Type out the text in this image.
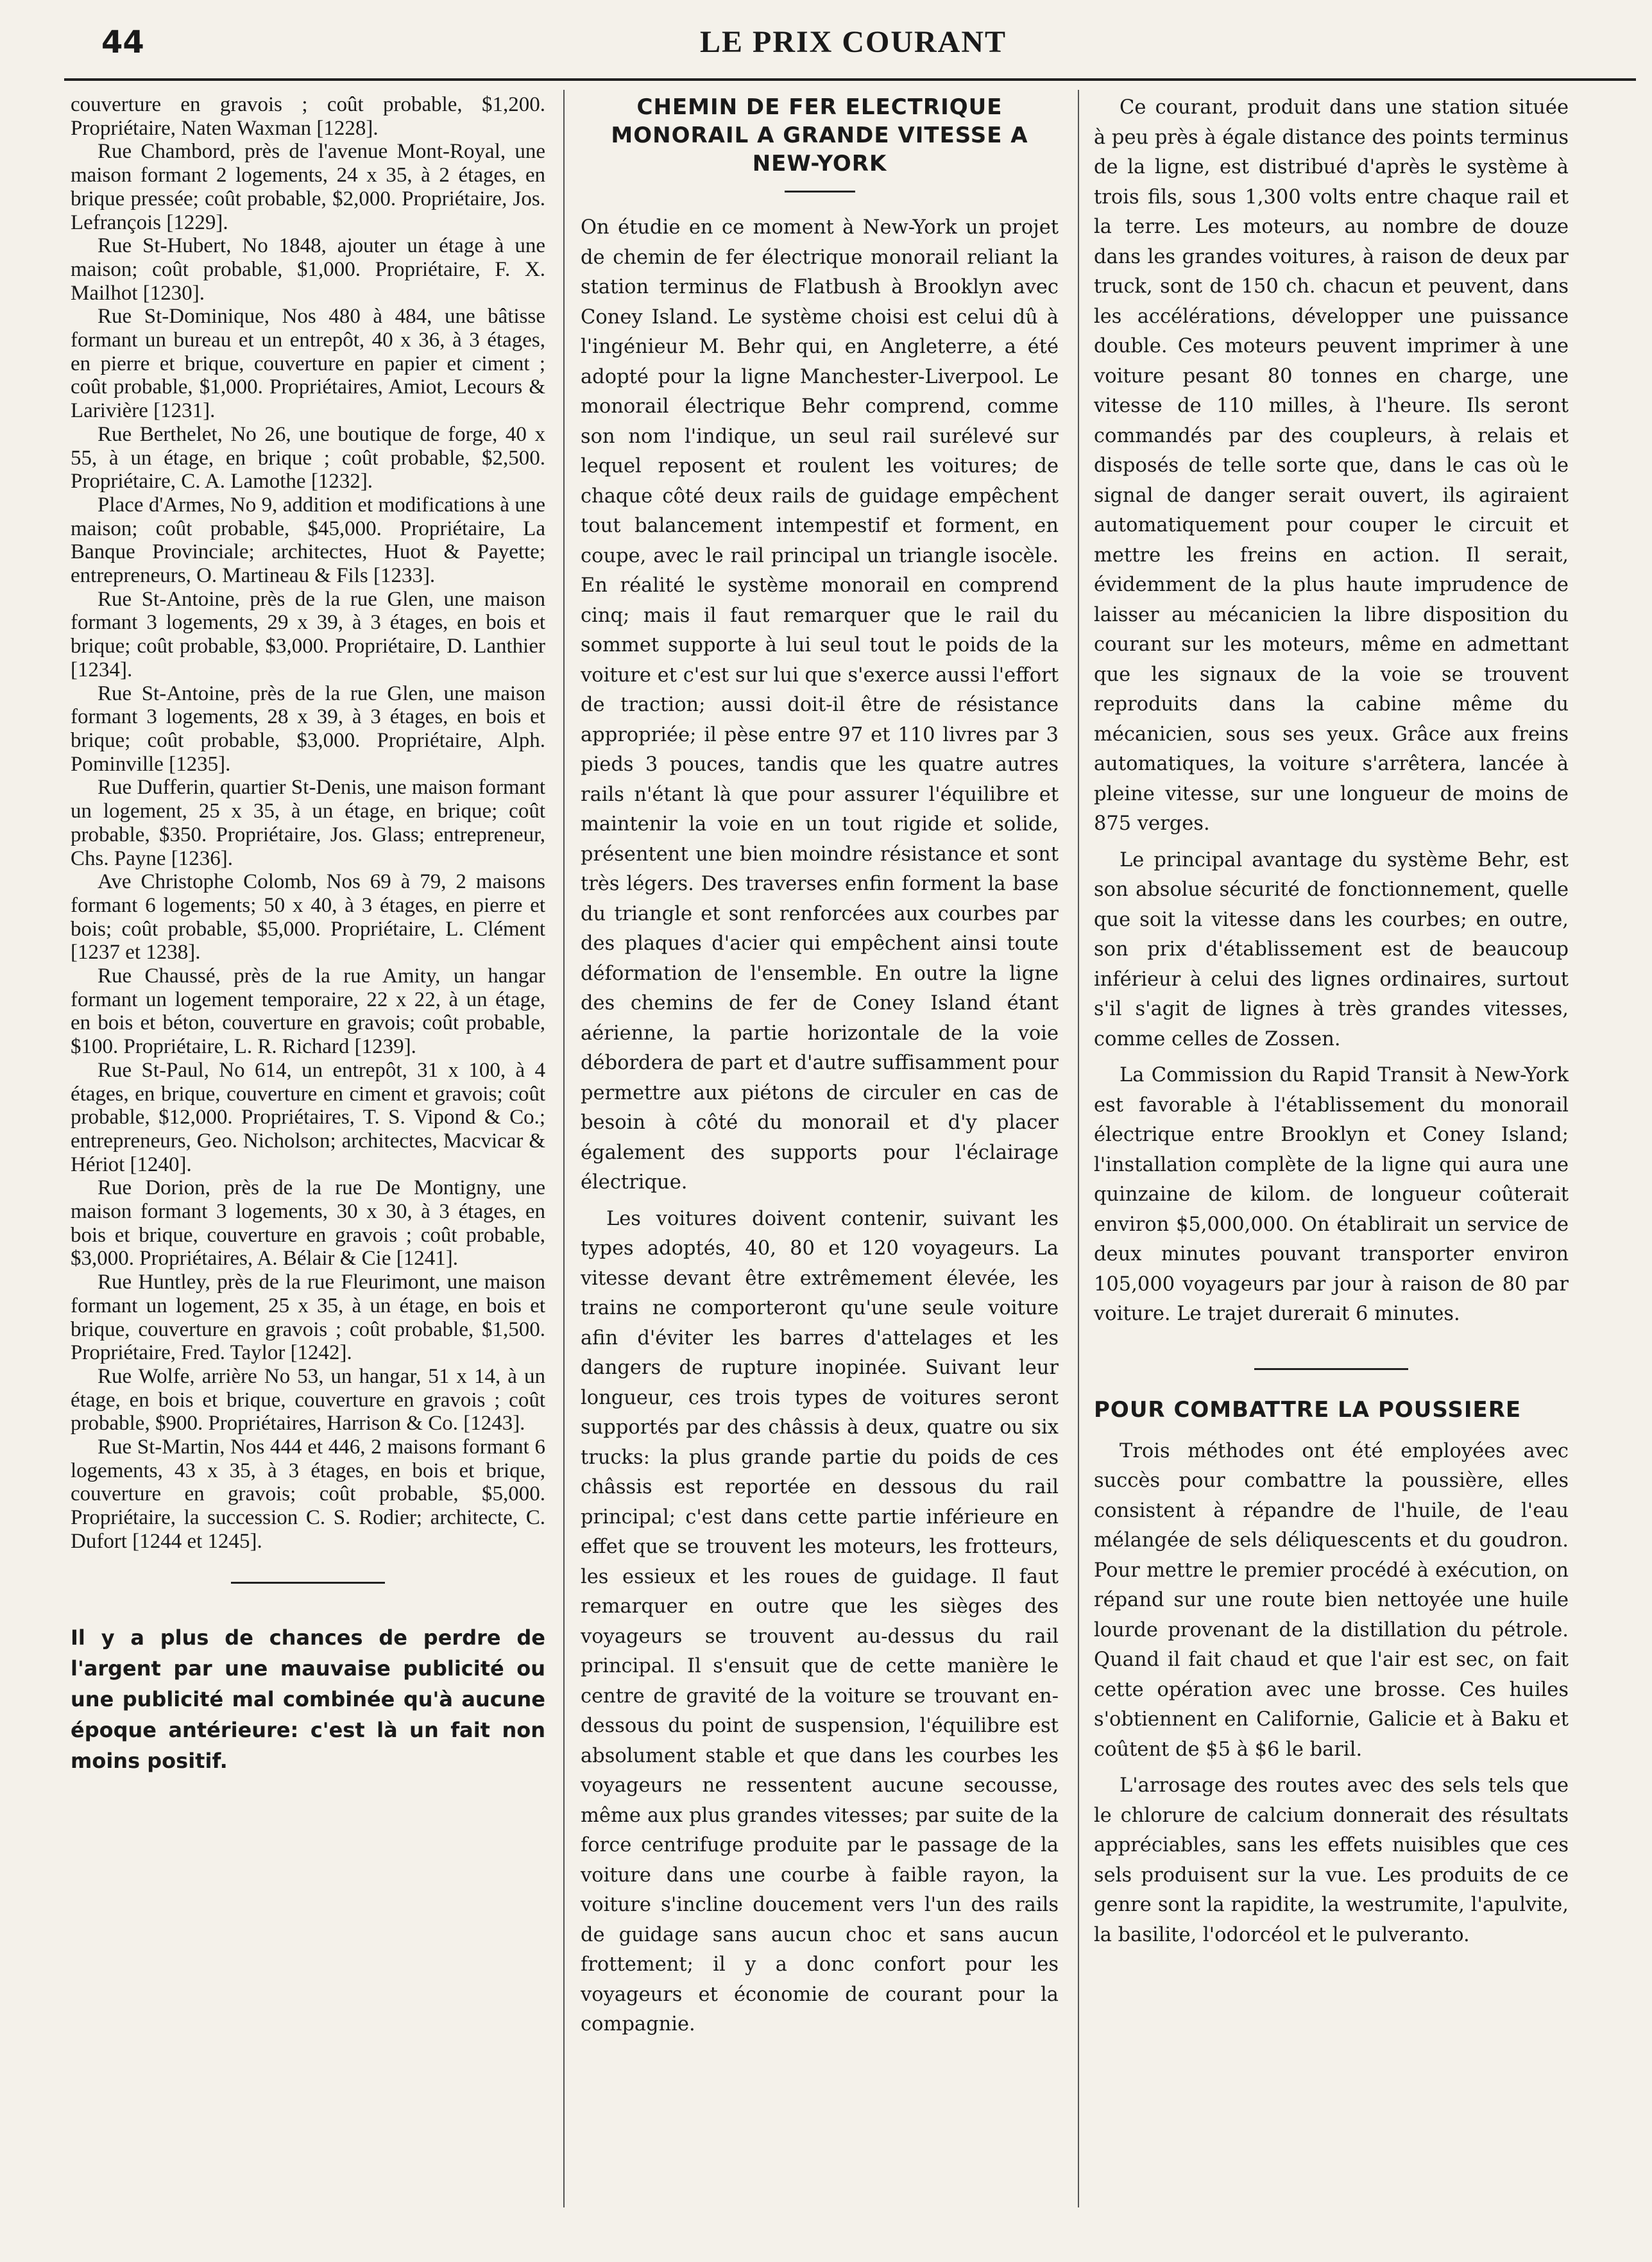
44	LE PRIX COURANT

couverture en gravois ; coût probable, $1,200. Propriétaire, Naten Waxman [1228].

Rue Chambord, près de l'avenue Mont-Royal, une maison formant 2 logements, 24 x 35, à 2 étages, en brique pressée; coût probable, $2,000. Propriétaire, Jos. Lefrançois [1229].

Rue St-Hubert, No 1848, ajouter un étage à une maison; coût probable, $1,000. Propriétaire, F. X. Mailhot [1230].

Rue St-Dominique, Nos 480 à 484, une bâtisse formant un bureau et un entrepôt, 40 x 36, à 3 étages, en pierre et brique, couverture en papier et ciment ; coût probable, $1,000. Propriétaires, Amiot, Lecours & Larivière [1231].

Rue Berthelet, No 26, une boutique de forge, 40 x 55, à un étage, en brique ; coût probable, $2,500. Propriétaire, C. A. Lamothe [1232].

Place d'Armes, No 9, addition et modifications à une maison; coût probable, $45,000. Propriétaire, La Banque Provinciale; architectes, Huot & Payette; entrepreneurs, O. Martineau & Fils [1233].

Rue St-Antoine, près de la rue Glen, une maison formant 3 logements, 29 x 39, à 3 étages, en bois et brique; coût probable, $3,000. Propriétaire, D. Lanthier [1234].

Rue St-Antoine, près de la rue Glen, une maison formant 3 logements, 28 x 39, à 3 étages, en bois et brique; coût probable, $3,000. Propriétaire, Alph. Pominville [1235].

Rue Dufferin, quartier St-Denis, une maison formant un logement, 25 x 35, à un étage, en brique; coût probable, $350. Propriétaire, Jos. Glass; entrepreneur, Chs. Payne [1236].

Ave Christophe Colomb, Nos 69 à 79, 2 maisons formant 6 logements; 50 x 40, à 3 étages, en pierre et bois; coût probable, $5,000. Propriétaire, L. Clément [1237 et 1238].

Rue Chaussé, près de la rue Amity, un hangar formant un logement temporaire, 22 x 22, à un étage, en bois et béton, couverture en gravois; coût probable, $100. Propriétaire, L. R. Richard [1239].

Rue St-Paul, No 614, un entrepôt, 31 x 100, à 4 étages, en brique, couverture en ciment et gravois; coût probable, $12,000. Propriétaires, T. S. Vipond & Co.; entrepreneurs, Geo. Nicholson; architectes, Macvicar & Hériot [1240].

Rue Dorion, près de la rue De Montigny, une maison formant 3 logements, 30 x 30, à 3 étages, en bois et brique, couverture en gravois ; coût probable, $3,000. Propriétaires, A. Bélair & Cie [1241].

Rue Huntley, près de la rue Fleurimont, une maison formant un logement, 25 x 35, à un étage, en bois et brique, couverture en gravois ; coût probable, $1,500. Propriétaire, Fred. Taylor [1242].

Rue Wolfe, arrière No 53, un hangar, 51 x 14, à un étage, en bois et brique, couverture en gravois ; coût probable, $900. Propriétaires, Harrison & Co. [1243].

Rue St-Martin, Nos 444 et 446, 2 maisons formant 6 logements, 43 x 35, à 3 étages, en bois et brique, couverture en gravois; coût probable, $5,000. Propriétaire, la succession C. S. Rodier; architecte, C. Dufort [1244 et 1245].

Il y a plus de chances de perdre de l'argent par une mauvaise publicité ou une publicité mal combinée qu'à aucune époque antérieure: c'est là un fait non moins positif.

CHEMIN DE FER ELECTRIQUE MONORAIL A GRANDE VITESSE A NEW-YORK

On étudie en ce moment à New-York un projet de chemin de fer électrique monorail reliant la station terminus de Flatbush à Brooklyn avec Coney Island. Le système choisi est celui dû à l'ingénieur M. Behr qui, en Angleterre, a été adopté pour la ligne Manchester-Liverpool. Le monorail électrique Behr comprend, comme son nom l'indique, un seul rail surélevé sur lequel reposent et roulent les voitures; de chaque côté deux rails de guidage empêchent tout balancement intempestif et forment, en coupe, avec le rail principal un triangle isocèle. En réalité le système monorail en comprend cinq; mais il faut remarquer que le rail du sommet supporte à lui seul tout le poids de la voiture et c'est sur lui que s'exerce aussi l'effort de traction; aussi doit-il être de résistance appropriée; il pèse entre 97 et 110 livres par 3 pieds 3 pouces, tandis que les quatre autres rails n'étant là que pour assurer l'équilibre et maintenir la voie en un tout rigide et solide, présentent une bien moindre résistance et sont très légers. Des traverses enfin forment la base du triangle et sont renforcées aux courbes par des plaques d'acier qui empêchent ainsi toute déformation de l'ensemble. En outre la ligne des chemins de fer de Coney Island étant aérienne, la partie horizontale de la voie débordera de part et d'autre suffisamment pour permettre aux piétons de circuler en cas de besoin à côté du monorail et d'y placer également des supports pour l'éclairage électrique.

Les voitures doivent contenir, suivant les types adoptés, 40, 80 et 120 voyageurs. La vitesse devant être extrêmement élevée, les trains ne comporteront qu'une seule voiture afin d'éviter les barres d'attelages et les dangers de rupture inopinée. Suivant leur longueur, ces trois types de voitures seront supportés par des châssis à deux, quatre ou six trucks: la plus grande partie du poids de ces châssis est reportée en dessous du rail principal; c'est dans cette partie inférieure en effet que se trouvent les moteurs, les frotteurs, les essieux et les roues de guidage. Il faut remarquer en outre que les sièges des voyageurs se trouvent au-dessus du rail principal. Il s'ensuit que de cette manière le centre de gravité de la voiture se trouvant en-dessous du point de suspension, l'équilibre est absolument stable et que dans les courbes les voyageurs ne ressentent aucune secousse, même aux plus grandes vitesses; par suite de la force centrifuge produite par le passage de la voiture dans une courbe à faible rayon, la voiture s'incline doucement vers l'un des rails de guidage sans aucun choc et sans aucun frottement; il y a donc confort pour les voyageurs et économie de courant pour la compagnie.

Ce courant, produit dans une station située à peu près à égale distance des points terminus de la ligne, est distribué d'après le système à trois fils, sous 1,300 volts entre chaque rail et la terre. Les moteurs, au nombre de douze dans les grandes voitures, à raison de deux par truck, sont de 150 ch. chacun et peuvent, dans les accélérations, développer une puissance double. Ces moteurs peuvent imprimer à une voiture pesant 80 tonnes en charge, une vitesse de 110 milles, à l'heure. Ils seront commandés par des coupleurs, à relais et disposés de telle sorte que, dans le cas où le signal de danger serait ouvert, ils agiraient automatiquement pour couper le circuit et mettre les freins en action. Il serait, évidemment de la plus haute imprudence de laisser au mécanicien la libre disposition du courant sur les moteurs, même en admettant que les signaux de la voie se trouvent reproduits dans la cabine même du mécanicien, sous ses yeux. Grâce aux freins automatiques, la voiture s'arrêtera, lancée à pleine vitesse, sur une longueur de moins de 875 verges.

Le principal avantage du système Behr, est son absolue sécurité de fonctionnement, quelle que soit la vitesse dans les courbes; en outre, son prix d'établissement est de beaucoup inférieur à celui des lignes ordinaires, surtout s'il s'agit de lignes à très grandes vitesses, comme celles de Zossen.

La Commission du Rapid Transit à New-York est favorable à l'établissement du monorail électrique entre Brooklyn et Coney Island; l'installation complète de la ligne qui aura une quinzaine de kilom. de longueur coûterait environ $5,000,000. On établirait un service de deux minutes pouvant transporter environ 105,000 voyageurs par jour à raison de 80 par voiture. Le trajet durerait 6 minutes.

POUR COMBATTRE LA POUSSIERE

Trois méthodes ont été employées avec succès pour combattre la poussière, elles consistent à répandre de l'huile, de l'eau mélangée de sels déliquescents et du goudron. Pour mettre le premier procédé à exécution, on répand sur une route bien nettoyée une huile lourde provenant de la distillation du pétrole. Quand il fait chaud et que l'air est sec, on fait cette opération avec une brosse. Ces huiles s'obtiennent en Californie, Galicie et à Baku et coûtent de $5 à $6 le baril.

L'arrosage des routes avec des sels tels que le chlorure de calcium donnerait des résultats appréciables, sans les effets nuisibles que ces sels produisent sur la vue. Les produits de ce genre sont la rapidite, la westrumite, l'apulvite, la basilite, l'odorcéol et le pulveranto.
